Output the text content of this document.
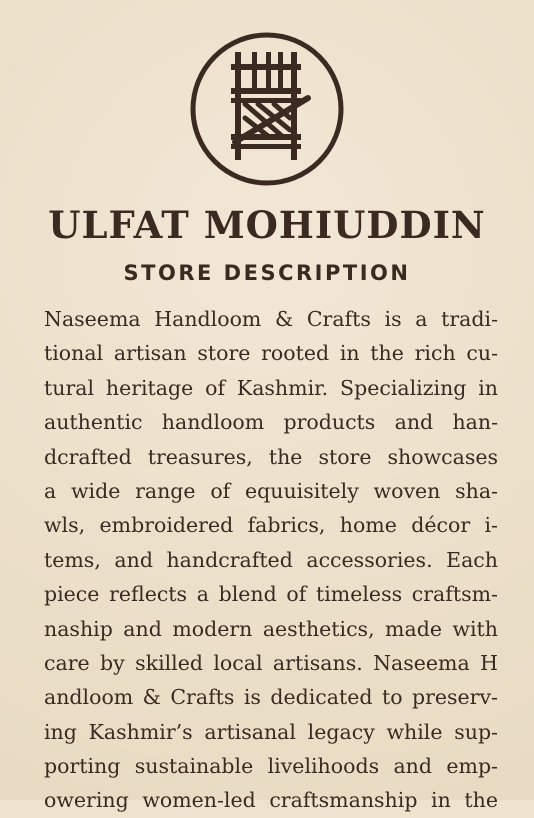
ULFAT MOHIUDDIN
STORE DESCRIPTION
Naseema Handloom & Crafts is a tradi-
tional artisan store rooted in the rich cu-
tural heritage of Kashmir. Specializing in
authentic handloom products and han-
dcrafted treasures, the store showcases
a wide range of equuisitely woven sha-
wls, embroidered fabrics, home décor i-
tems, and handcrafted accessories. Each
piece reflects a blend of timeless craftsm-
naship and modern aesthetics, made with
care by skilled local artisans. Naseema H
andloom & Crafts is dedicated to preserv-
ing Kashmir’s artisanal legacy while sup-
porting sustainable livelihoods and emp-
owering women-led craftsmanship in the
